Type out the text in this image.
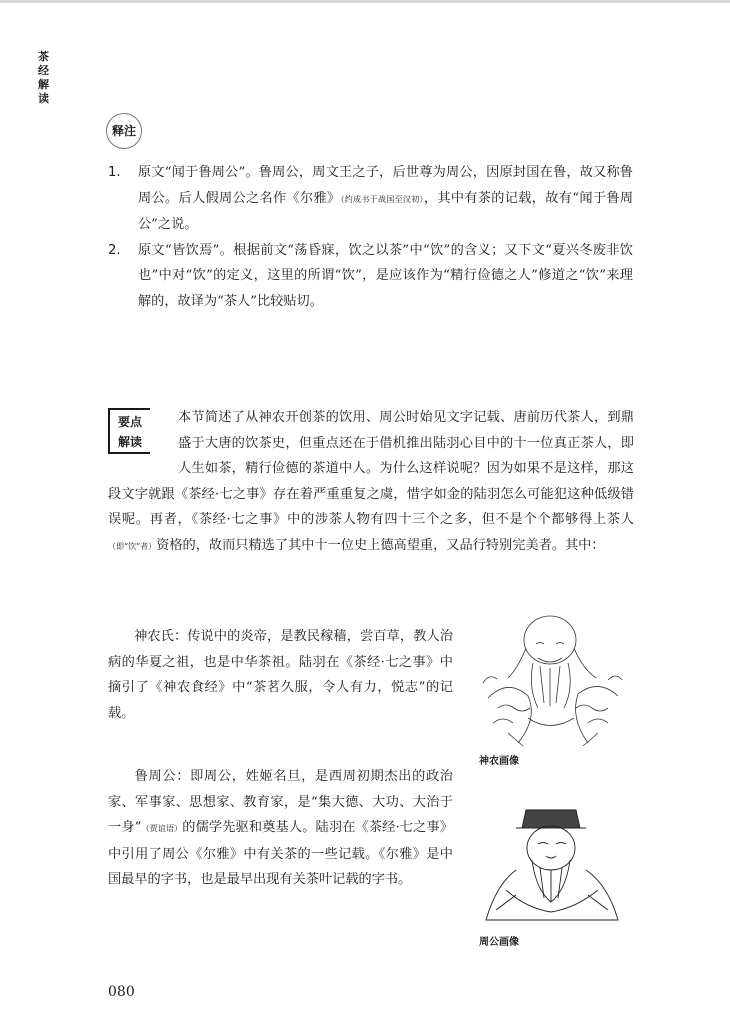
茶经解读
释注
1.	原文“闻于鲁周公”。鲁周公，周文王之子，后世尊为周公，因原封国在鲁，故又称鲁周公。后人假周公之名作《尔雅》（约成书于战国至汉初），其中有茶的记载，故有“闻于鲁周公”之说。
2.	原文“皆饮焉”。根据前文“荡昏寐，饮之以茶”中“饮”的含义；又下文“夏兴冬废非饮也”中对“饮”的定义，这里的所谓“饮”，是应该作为“精行俭德之人”修道之“饮”来理解的，故译为“茶人”比较贴切。
要点
解读
本节简述了从神农开创茶的饮用、周公时始见文字记载、唐前历代茶人，到鼎盛于大唐的饮茶史，但重点还在于借机推出陆羽心目中的十一位真正茶人，即人生如茶，精行俭德的茶道中人。为什么这样说呢？因为如果不是这样，那这段文字就跟《茶经·七之事》存在着严重重复之虞，惜字如金的陆羽怎么可能犯这种低级错误呢。再者，《茶经·七之事》中的涉茶人物有四十三个之多，但不是个个都够得上茶人（即“饮”者）资格的，故而只精选了其中十一位史上德高望重，又品行特别完美者。其中：
神农氏：传说中的炎帝，是教民稼穑，尝百草，教人治病的华夏之祖，也是中华茶祖。陆羽在《茶经·七之事》中摘引了《神农食经》中“茶茗久服，令人有力，悦志”的记载。
神农画像
鲁周公：即周公，姓姬名旦，是西周初期杰出的政治家、军事家、思想家、教育家，是“集大德、大功、大治于一身”（贾谊语）的儒学先驱和奠基人。陆羽在《茶经·七之事》中引用了周公《尔雅》中有关茶的一些记载。《尔雅》是中国最早的字书，也是最早出现有关茶叶记载的字书。
周公画像
080
